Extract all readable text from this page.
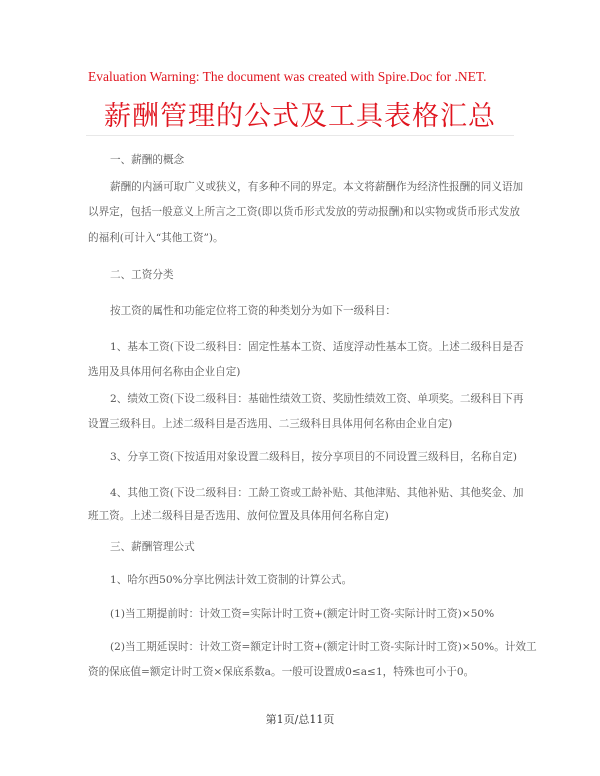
Evaluation Warning: The document was created with Spire.Doc for .NET.
薪酬管理的公式及工具表格汇总
一、薪酬的概念
薪酬的内涵可取广义或狭义，有多种不同的界定。本文将薪酬作为经济性报酬的同义语加
以界定，包括一般意义上所言之工资(即以货币形式发放的劳动报酬)和以实物或货币形式发放
的福利(可计入“其他工资”)。
二、工资分类
按工资的属性和功能定位将工资的种类划分为如下一级科目：
1、基本工资(下设二级科目：固定性基本工资、适度浮动性基本工资。上述二级科目是否
选用及具体用何名称由企业自定)
2、绩效工资(下设二级科目：基础性绩效工资、奖励性绩效工资、单项奖。二级科目下再
设置三级科目。上述二级科目是否选用、二三级科目具体用何名称由企业自定)
3、分享工资(下按适用对象设置二级科目，按分享项目的不同设置三级科目，名称自定)
4、其他工资(下设二级科目：工龄工资或工龄补贴、其他津贴、其他补贴、其他奖金、加
班工资。上述二级科目是否选用、放何位置及具体用何名称自定)
三、薪酬管理公式
1、哈尔西50%分享比例法计效工资制的计算公式。
(1)当工期提前时：计效工资=实际计时工资+(额定计时工资-实际计时工资)×50%
(2)当工期延误时：计效工资=额定计时工资+(额定计时工资-实际计时工资)×50%。计效工
资的保底值=额定计时工资×保底系数a。一般可设置成0≤a≤1，特殊也可小于0。
第1页/总11页
